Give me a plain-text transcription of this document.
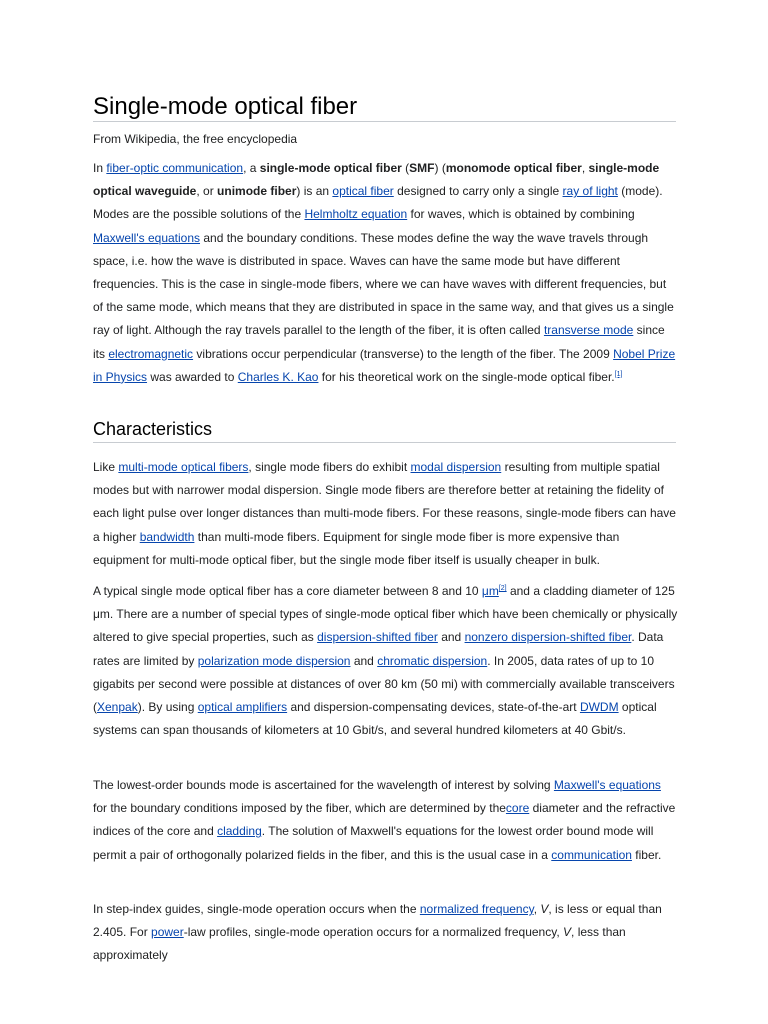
Single-mode optical fiber
From Wikipedia, the free encyclopedia

In fiber-optic communication, a single-mode optical fiber (SMF) (monomode optical fiber, single-mode optical waveguide, or unimode fiber) is an optical fiber designed to carry only a single ray of light (mode). Modes are the possible solutions of the Helmholtz equation for waves, which is obtained by combining Maxwell's equations and the boundary conditions. These modes define the way the wave travels through space, i.e. how the wave is distributed in space. Waves can have the same mode but have different frequencies. This is the case in single-mode fibers, where we can have waves with different frequencies, but of the same mode, which means that they are distributed in space in the same way, and that gives us a single ray of light. Although the ray travels parallel to the length of the fiber, it is often called transverse mode since its electromagnetic vibrations occur perpendicular (transverse) to the length of the fiber. The 2009 Nobel Prize in Physics was awarded to Charles K. Kao for his theoretical work on the single-mode optical fiber.[1]

Characteristics

Like multi-mode optical fibers, single mode fibers do exhibit modal dispersion resulting from multiple spatial modes but with narrower modal dispersion. Single mode fibers are therefore better at retaining the fidelity of each light pulse over longer distances than multi-mode fibers. For these reasons, single-mode fibers can have a higher bandwidth than multi-mode fibers. Equipment for single mode fiber is more expensive than equipment for multi-mode optical fiber, but the single mode fiber itself is usually cheaper in bulk.

A typical single mode optical fiber has a core diameter between 8 and 10 μm[2] and a cladding diameter of 125 μm. There are a number of special types of single-mode optical fiber which have been chemically or physically altered to give special properties, such as dispersion-shifted fiber and nonzero dispersion-shifted fiber. Data rates are limited by polarization mode dispersion and chromatic dispersion. In 2005, data rates of up to 10 gigabits per second were possible at distances of over 80 km (50 mi) with commercially available transceivers (Xenpak). By using optical amplifiers and dispersion-compensating devices, state-of-the-art DWDM optical systems can span thousands of kilometers at 10 Gbit/s, and several hundred kilometers at 40 Gbit/s.

The lowest-order bounds mode is ascertained for the wavelength of interest by solving Maxwell's equations for the boundary conditions imposed by the fiber, which are determined by thecore diameter and the refractive indices of the core and cladding. The solution of Maxwell's equations for the lowest order bound mode will permit a pair of orthogonally polarized fields in the fiber, and this is the usual case in a communication fiber.

In step-index guides, single-mode operation occurs when the normalized frequency, V, is less or equal than 2.405. For power-law profiles, single-mode operation occurs for a normalized frequency, V, less than approximately
